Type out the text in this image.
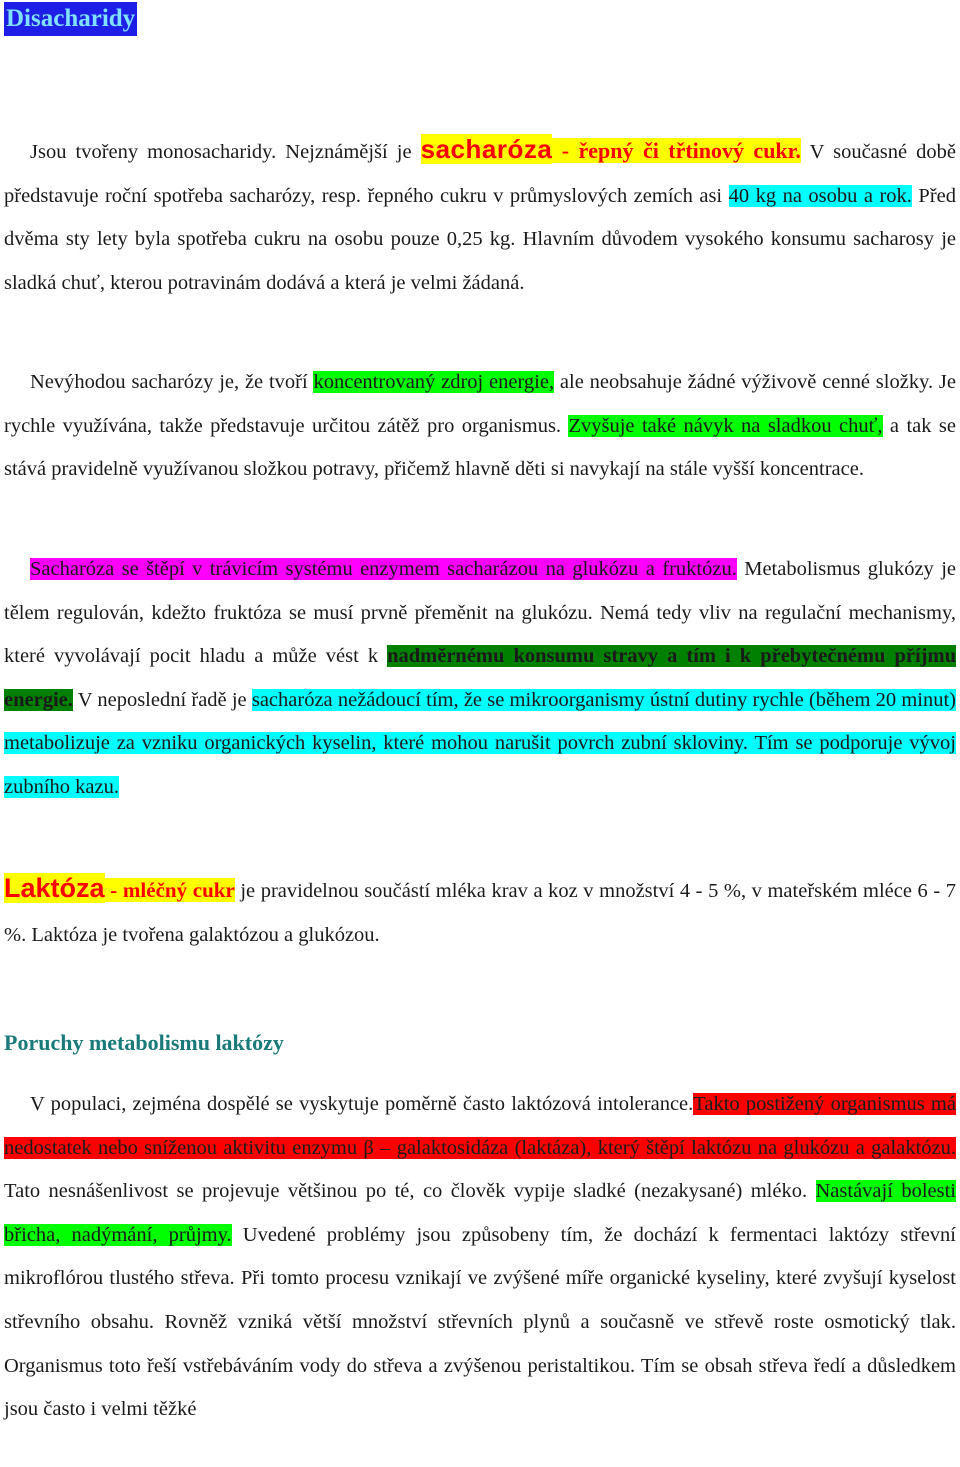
Disacharidy

Jsou tvořeny monosacharidy. Nejznámější je sacharóza - řepný či třtinový cukr. V současné době představuje roční spotřeba sacharózy, resp. řepného cukru v průmyslových zemích asi 40 kg na osobu a rok. Před dvěma sty lety byla spotřeba cukru na osobu pouze 0,25 kg. Hlavním důvodem vysokého konsumu sacharosy je sladká chuť, kterou potravinám dodává a která je velmi žádaná.

Nevýhodou sacharózy je, že tvoří koncentrovaný zdroj energie, ale neobsahuje žádné výživově cenné složky. Je rychle využívána, takže představuje určitou zátěž pro organismus. Zvyšuje také návyk na sladkou chuť, a tak se stává pravidelně využívanou složkou potravy, přičemž hlavně děti si navykají na stále vyšší koncentrace.

Sacharóza se štěpí v trávicím systému enzymem sacharázou na glukózu a fruktózu. Metabolismus glukózy je tělem regulován, kdežto fruktóza se musí prvně přeměnit na glukózu. Nemá tedy vliv na regulační mechanismy, které vyvolávají pocit hladu a může vést k nadměrnému konsumu stravy a tím i k přebytečnému příjmu energie. V neposlední řadě je sacharóza nežádoucí tím, že se mikroorganismy ústní dutiny rychle (během 20 minut) metabolizuje za vzniku organických kyselin, které mohou narušit povrch zubní skloviny. Tím se podporuje vývoj zubního kazu.

Laktóza - mléčný cukr je pravidelnou součástí mléka krav a koz v množství 4 - 5 %, v mateřském mléce 6 - 7 %. Laktóza je tvořena galaktózou a glukózou.

Poruchy metabolismu laktózy

V populaci, zejména dospělé se vyskytuje poměrně často laktózová intolerance.Takto postižený organismus má nedostatek nebo sníženou aktivitu enzymu β – galaktosidáza (laktáza), který štěpí laktózu na glukózu a galaktózu. Tato nesnášenlivost se projevuje většinou po té, co člověk vypije sladké (nezakysané) mléko. Nastávají bolesti břicha, nadýmání, průjmy. Uvedené problémy jsou způsobeny tím, že dochází k fermentaci laktózy střevní mikroflórou tlustého střeva. Při tomto procesu vznikají ve zvýšené míře organické kyseliny, které zvyšují kyselost střevního obsahu. Rovněž vzniká větší množství střevních plynů a současně ve střevě roste osmotický tlak. Organismus toto řeší vstřebáváním vody do střeva a zvýšenou peristaltikou. Tím se obsah střeva ředí a důsledkem jsou často i velmi těžké
